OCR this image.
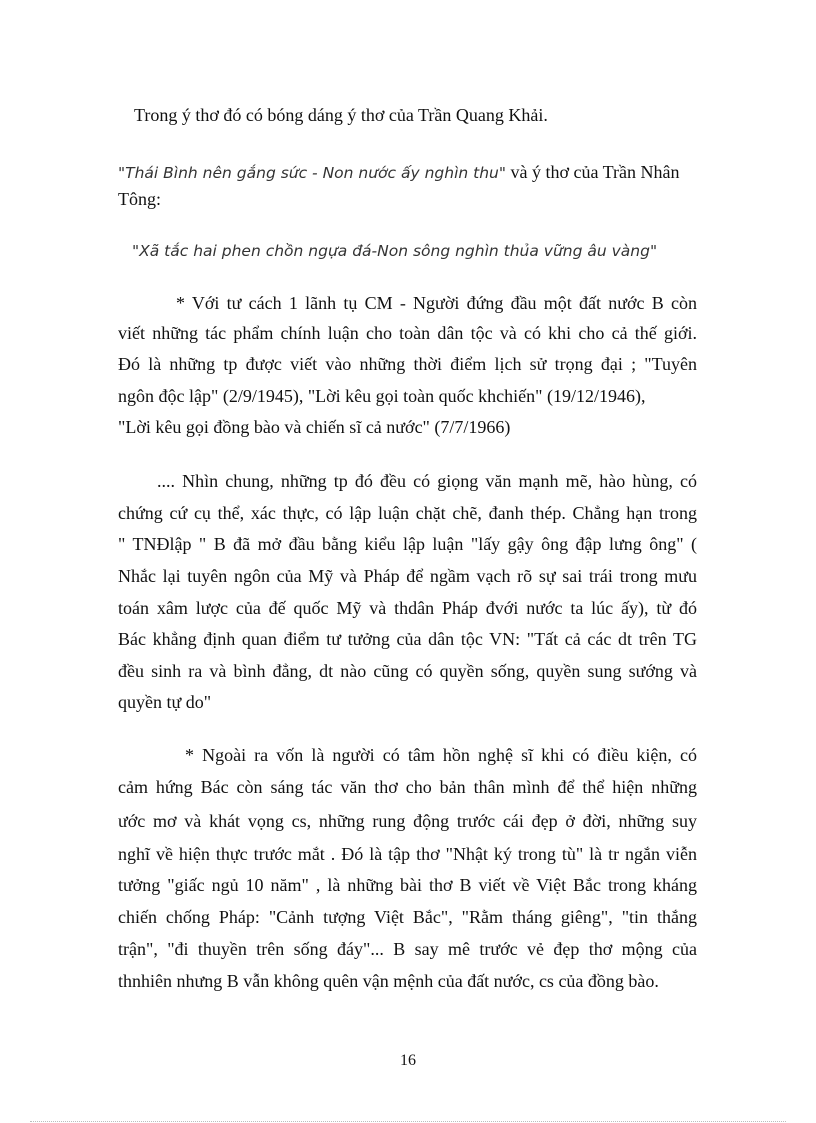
Trong ý thơ đó có bóng dáng ý thơ của Trần Quang Khải.
"Thái Bình nên gắng sức - Non nước ấy nghìn thu" và ý thơ của Trần Nhân
Tông:
"Xã tắc hai phen chồn ngựa đá-Non sông nghìn thủa vững âu vàng"
* Với tư cách 1 lãnh tụ CM - Người đứng đầu một đất nước B còn
viết những tác phẩm chính luận cho toàn dân tộc và có khi cho cả thế giới.
Đó là những tp được viết vào những thời điểm lịch sử trọng đại ; "Tuyên
ngôn độc lập" (2/9/1945), "Lời kêu gọi toàn quốc khchiến" (19/12/1946),
"Lời kêu gọi đồng bào và chiến sĩ cả nước" (7/7/1966)
.... Nhìn chung, những tp đó đều có giọng văn mạnh mẽ, hào hùng, có
chứng cứ cụ thể, xác thực, có lập luận chặt chẽ, đanh thép. Chẳng hạn trong
" TNĐlập " B đã mở đầu bằng kiểu lập luận "lấy gậy ông đập lưng ông" (
Nhắc lại tuyên ngôn của Mỹ và Pháp để ngầm vạch rõ sự sai trái trong mưu
toán xâm lược của đế quốc Mỹ và thdân Pháp đvới nước ta lúc ấy), từ đó
Bác khẳng định quan điểm tư tưởng của dân tộc VN: "Tất cả các dt trên TG
đều sinh ra và bình đẳng, dt nào cũng có quyền sống, quyền sung sướng và
quyền tự do"
* Ngoài ra vốn là người có tâm hồn nghệ sĩ khi có điều kiện, có
cảm hứng Bác còn sáng tác văn thơ cho bản thân mình để thể hiện những
ước mơ và khát vọng cs, những rung động trước cái đẹp ở đời, những suy
nghĩ về hiện thực trước mắt . Đó là tập thơ "Nhật ký trong tù" là tr ngắn viễn
tưởng "giấc ngủ 10 năm" , là những bài thơ B viết về Việt Bắc trong kháng
chiến chống Pháp: "Cảnh tượng Việt Bắc", "Rằm tháng giêng", "tin thắng
trận", "đi thuyền trên sống đáy"... B say mê trước vẻ đẹp thơ mộng của
thnhiên nhưng B vẫn không quên vận mệnh của đất nước, cs của đồng bào.
16
